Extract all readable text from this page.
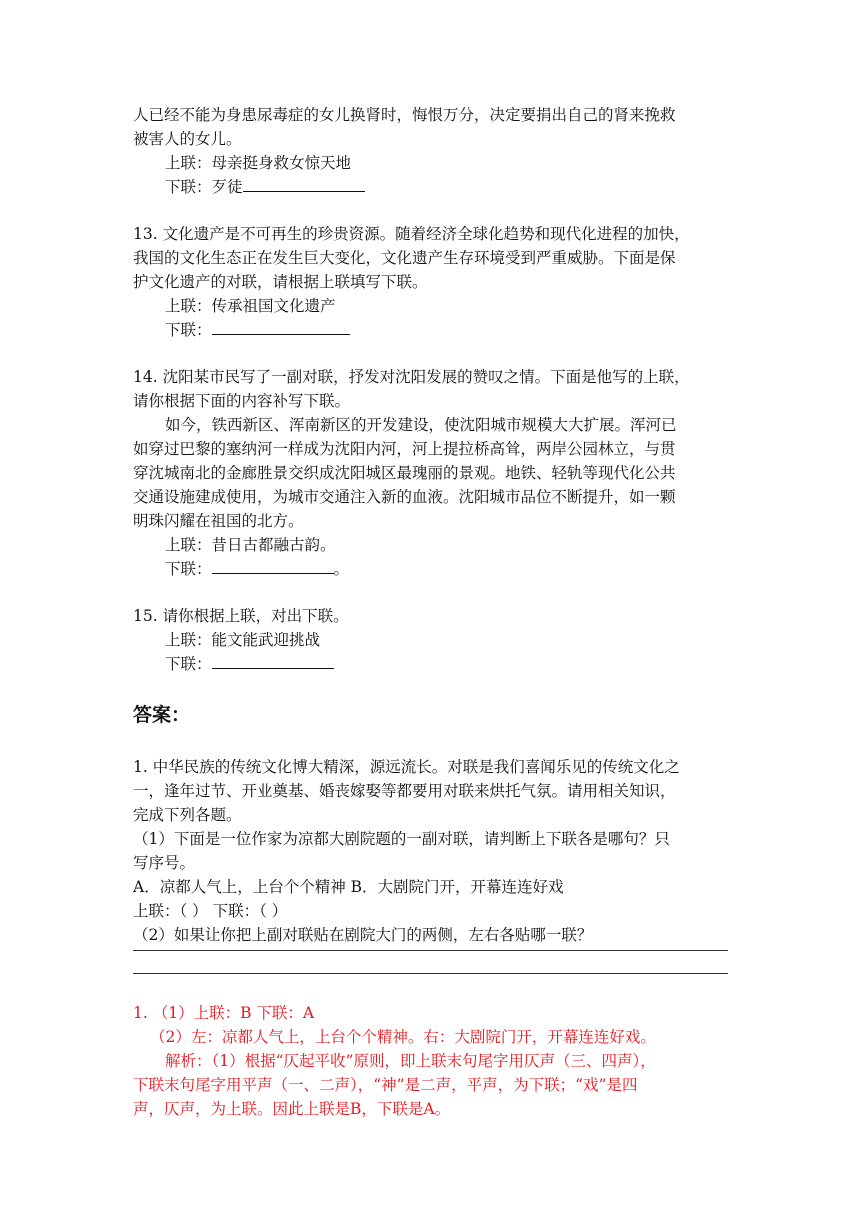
人已经不能为身患尿毒症的女儿换肾时，悔恨万分，决定要捐出自己的肾来挽救
被害人的女儿。
上联：母亲挺身救女惊天地
下联：歹徒
13. 文化遗产是不可再生的珍贵资源。随着经济全球化趋势和现代化进程的加快，
我国的文化生态正在发生巨大变化，文化遗产生存环境受到严重威胁。下面是保
护文化遗产的对联，请根据上联填写下联。
上联：传承祖国文化遗产
下联：
14. 沈阳某市民写了一副对联，抒发对沈阳发展的赞叹之情。下面是他写的上联，
请你根据下面的内容补写下联。
如今，铁西新区、浑南新区的开发建设，使沈阳城市规模大大扩展。浑河已
如穿过巴黎的塞纳河一样成为沈阳内河，河上提拉桥高耸，两岸公园林立，与贯
穿沈城南北的金廊胜景交织成沈阳城区最瑰丽的景观。地铁、轻轨等现代化公共
交通设施建成使用，为城市交通注入新的血液。沈阳城市品位不断提升，如一颗
明珠闪耀在祖国的北方。
上联：昔日古都融古韵。
下联：	。
15. 请你根据上联，对出下联。
上联：能文能武迎挑战
下联：
答案：
1. 中华民族的传统文化博大精深，源远流长。对联是我们喜闻乐见的传统文化之
一，逢年过节、开业奠基、婚丧嫁娶等都要用对联来烘托气氛。请用相关知识，
完成下列各题。
（1）下面是一位作家为凉都大剧院题的一副对联，请判断上下联各是哪句？只
写序号。
A．凉都人气上，上台个个精神 B．大剧院门开，开幕连连好戏
上联：（ ） 下联：（ ）
（2）如果让你把上副对联贴在剧院大门的两侧，左右各贴哪一联？
1. （1）上联：B 下联：A
（2）左：凉都人气上，上台个个精神。右：大剧院门开，开幕连连好戏。
解析：（1）根据“仄起平收”原则，即上联末句尾字用仄声（三、四声），
下联末句尾字用平声（一、二声），“神”是二声，平声，为下联；“戏”是四
声，仄声，为上联。因此上联是B，下联是A。
